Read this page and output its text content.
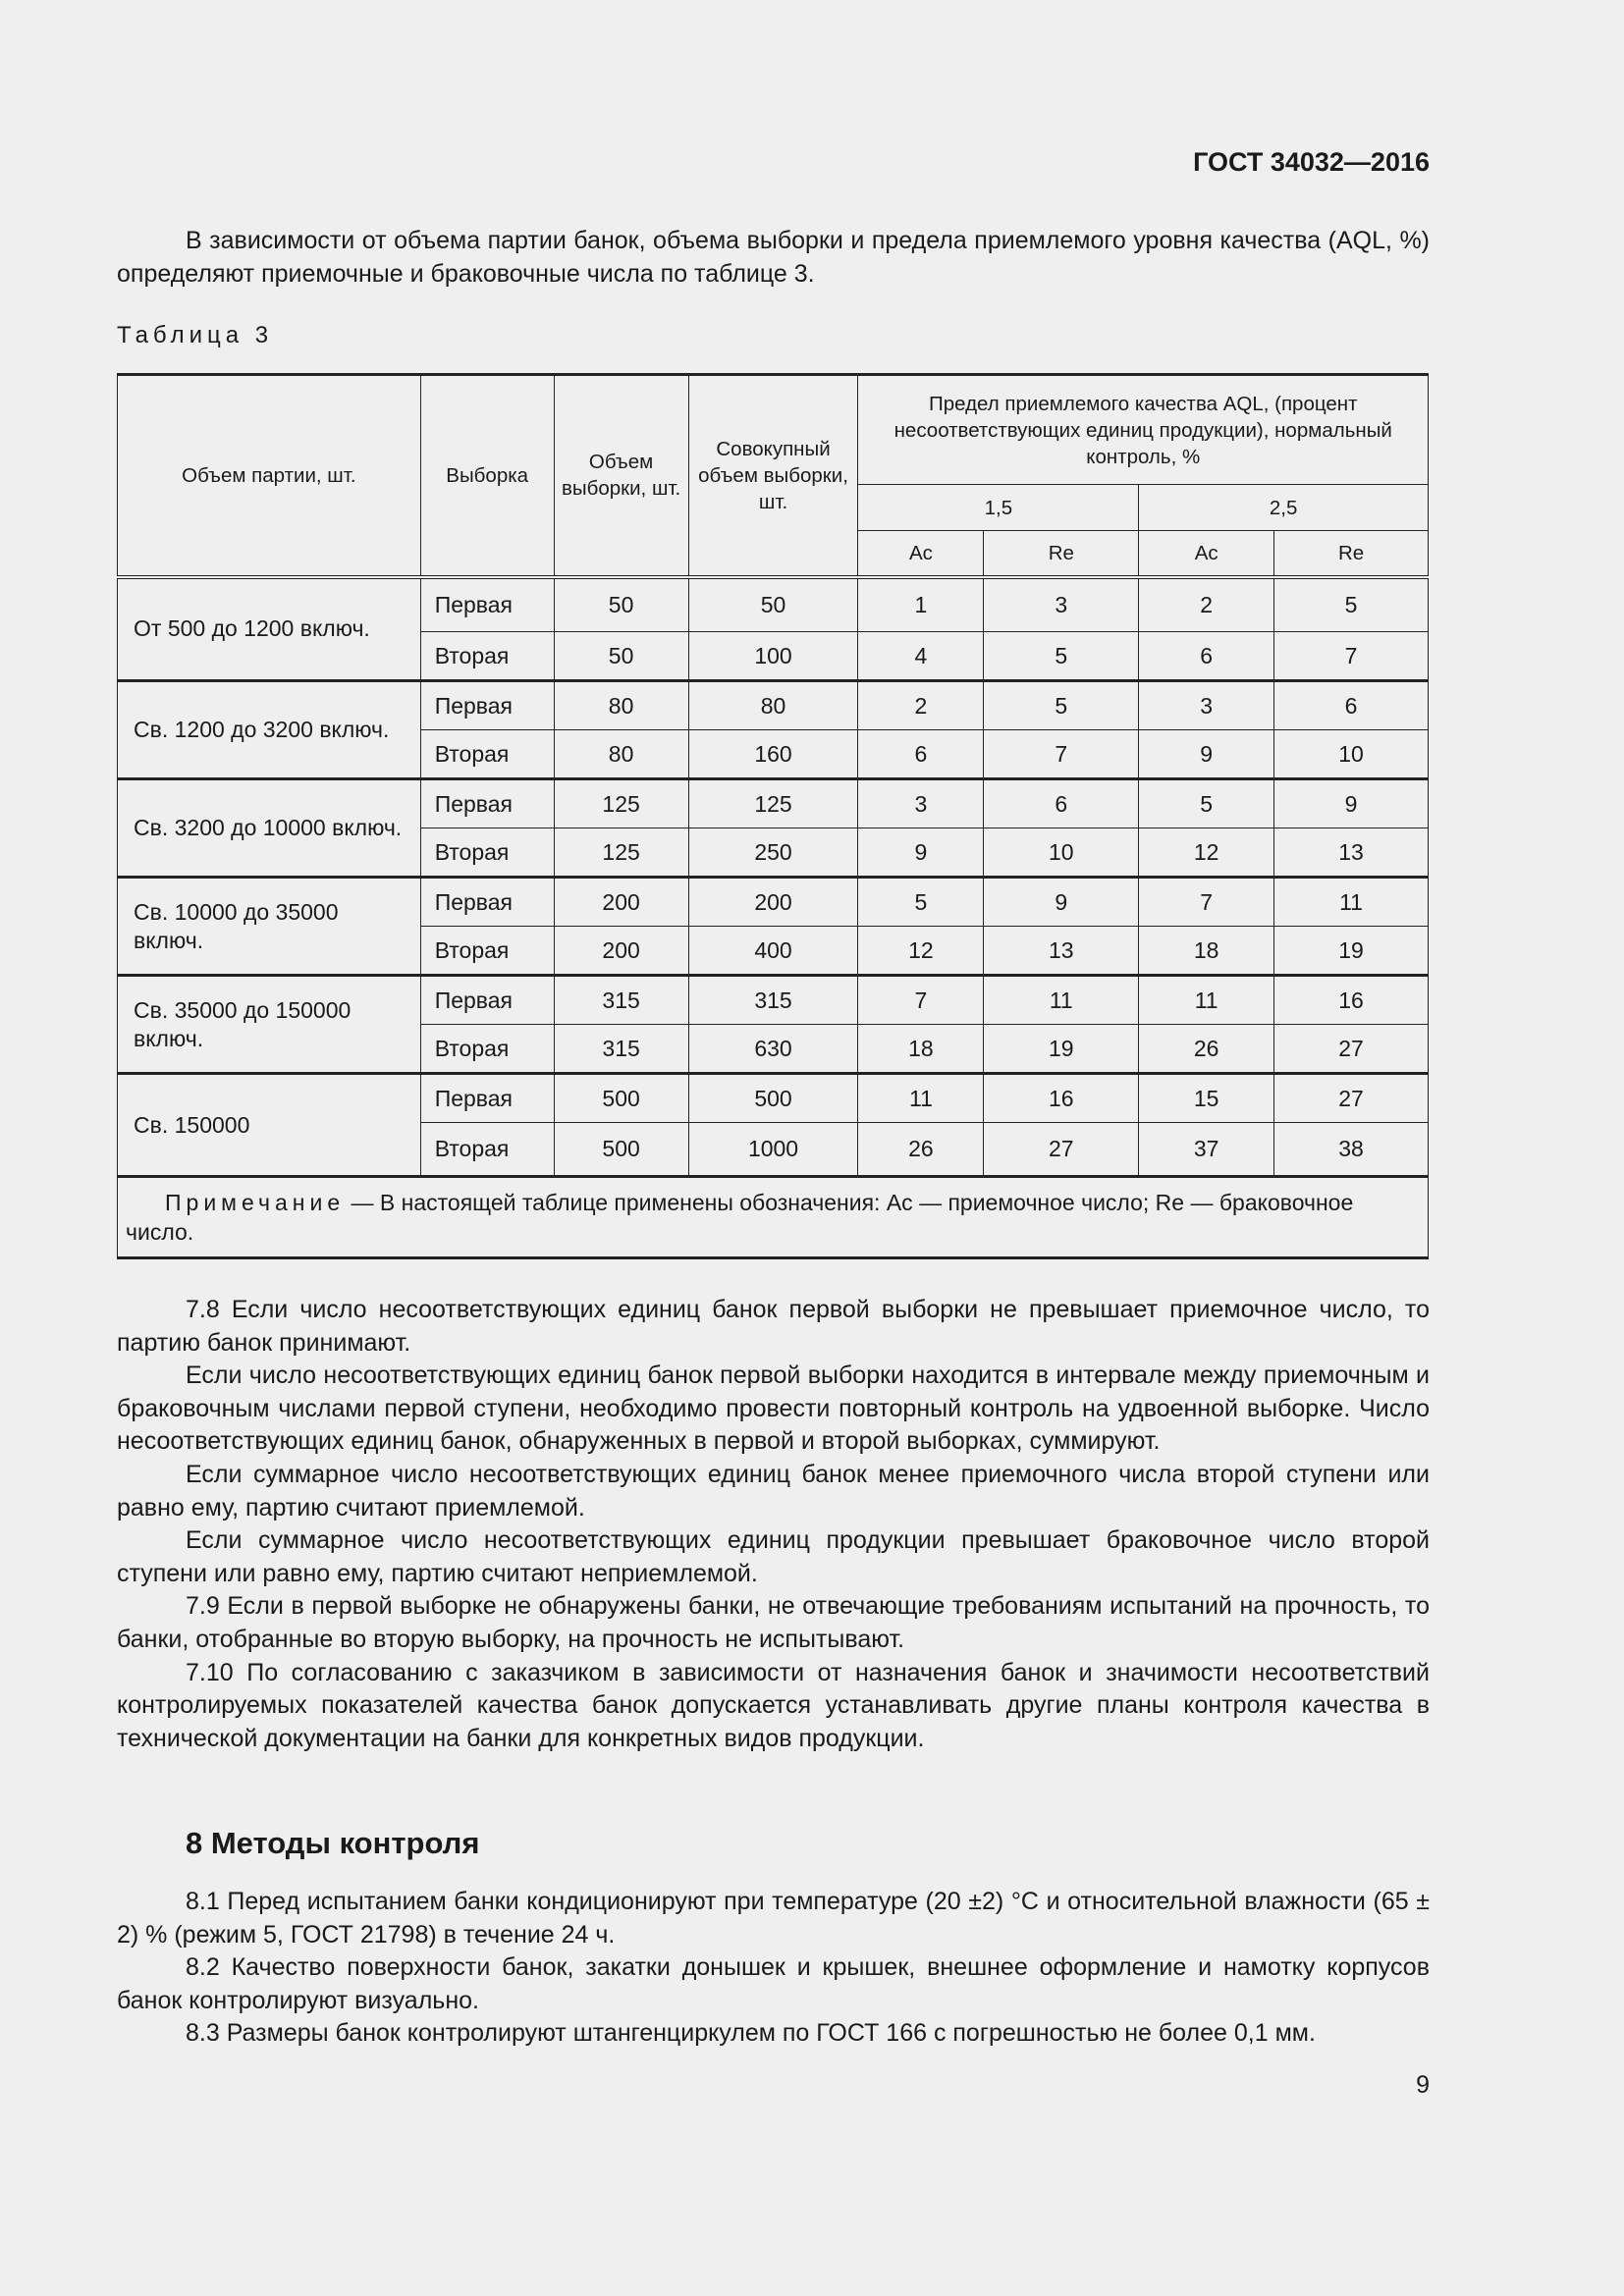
ГОСТ 34032—2016

В зависимости от объема партии банок, объема выборки и предела приемлемого уровня качества (AQL, %) определяют приемочные и браковочные числа по таблице 3.

Таблица 3
Объем партии, шт.	Выборка	Объем выборки, шт.	Совокупный объем выборки, шт.	Предел приемлемого качества AQL, (процент несоответствующих единиц продукции), нормальный контроль, %			
				1,5		2,5	
				Ac	Re	Ac	Re
От 500 до 1200 включ.	Первая	50	50	1	3	2	5
	Вторая	50	100	4	5	6	7
Св. 1200 до 3200 включ.	Первая	80	80	2	5	3	6
	Вторая	80	160	6	7	9	10
Св. 3200 до 10000 включ.	Первая	125	125	3	6	5	9
	Вторая	125	250	9	10	12	13
Св. 10000 до 35000 включ.	Первая	200	200	5	9	7	11
	Вторая	200	400	12	13	18	19
Св. 35000 до 150000 включ.	Первая	315	315	7	11	11	16
	Вторая	315	630	18	19	26	27
Св. 150000	Первая	500	500	11	16	15	27
	Вторая	500	1000	26	27	37	38
Примечание — В настоящей таблице применены обозначения: Ac — приемочное число; Re — браковочное число.							

7.8 Если число несоответствующих единиц банок первой выборки не превышает приемочное число, то партию банок принимают.

Если число несоответствующих единиц банок первой выборки находится в интервале между приемочным и браковочным числами первой ступени, необходимо провести повторный контроль на удвоенной выборке. Число несоответствующих единиц банок, обнаруженных в первой и второй выборках, суммируют.

Если суммарное число несоответствующих единиц банок менее приемочного числа второй ступени или равно ему, партию считают приемлемой.

Если суммарное число несоответствующих единиц продукции превышает браковочное число второй ступени или равно ему, партию считают неприемлемой.

7.9 Если в первой выборке не обнаружены банки, не отвечающие требованиям испытаний на прочность, то банки, отобранные во вторую выборку, на прочность не испытывают.

7.10 По согласованию с заказчиком в зависимости от назначения банок и значимости несоответствий контролируемых показателей качества банок допускается устанавливать другие планы контроля качества в технической документации на банки для конкретных видов продукции.

8 Методы контроля

8.1 Перед испытанием банки кондиционируют при температуре (20 ±2) °С и относительной влажности (65 ± 2) % (режим 5, ГОСТ 21798) в течение 24 ч.

8.2 Качество поверхности банок, закатки донышек и крышек, внешнее оформление и намотку корпусов банок контролируют визуально.

8.3 Размеры банок контролируют штангенциркулем по ГОСТ 166 с погрешностью не более 0,1 мм.

9
